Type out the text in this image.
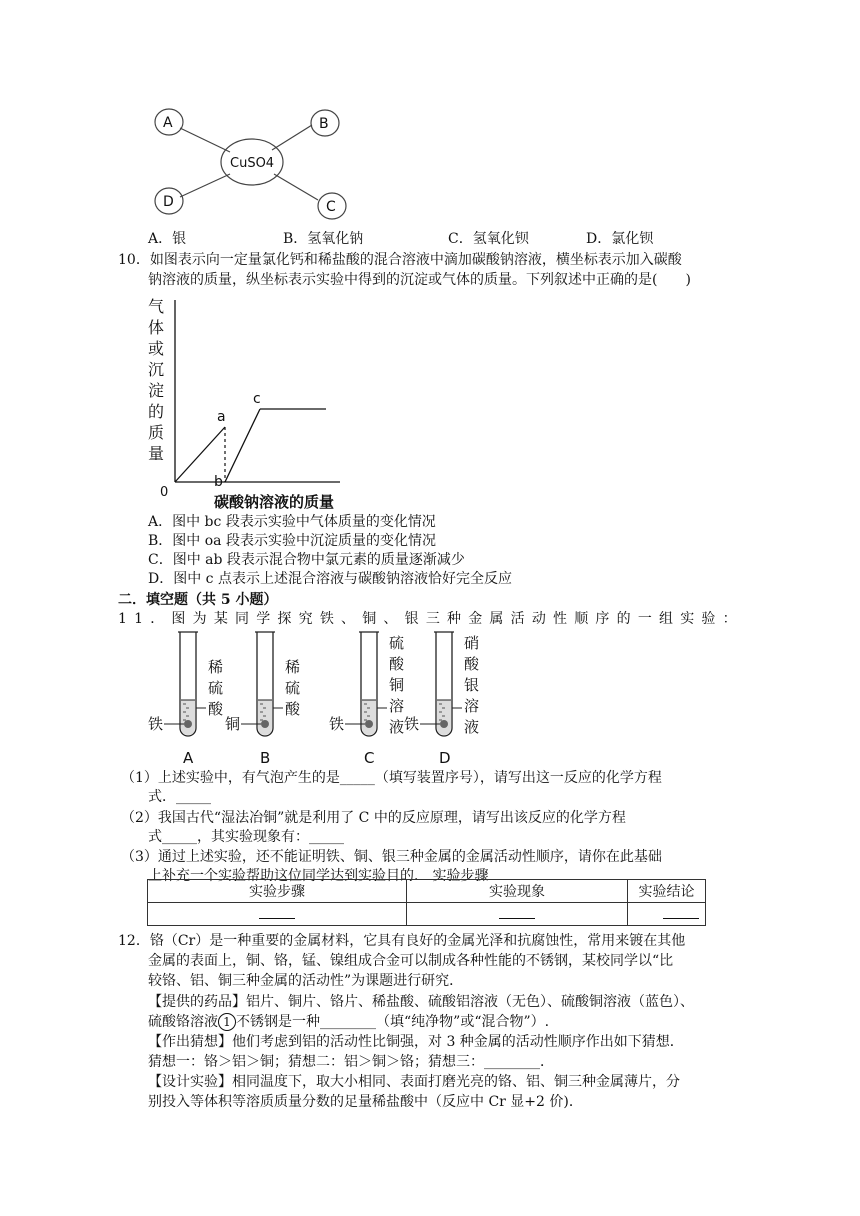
A	B
D	C
CuSO4
A．银	B．氢氧化钠	C．氢氧化钡	D．氯化钡
10．如图表示向一定量氯化钙和稀盐酸的混合溶液中滴加碳酸钠溶液，横坐标表示加入碳酸
钠溶液的质量，纵坐标表示实验中得到的沉淀或气体的质量。下列叙述中正确的是(　　)
气
体
或
沉
淀
的
质
量
0
a
b
c
碳酸钠溶液的质量
A．图中 bc 段表示实验中气体质量的变化情况
B．图中 oa 段表示实验中沉淀质量的变化情况
C．图中 ab 段表示混合物中氯元素的质量逐渐减少
D．图中 c 点表示上述混合溶液与碳酸钠溶液恰好完全反应
二．填空题（共 5 小题）
11．图为某同学探究铁、铜、银三种金属活动性顺序的一组实验：
铁
稀
硫
酸
A
铜
稀
硫
酸
B
铁
硫
酸
铜
溶
液
C
铁
硝
酸
银
溶
液
D
（1）上述实验中，有气泡产生的是_____（填写装置序号），请写出这一反应的化学方程
式．_____
（2）我国古代“湿法冶铜”就是利用了 C 中的反应原理，请写出该反应的化学方程
式_____，其实验现象有：_____
（3）通过上述实验，还不能证明铁、铜、银三种金属的金属活动性顺序，请你在此基础
上补充一个实验帮助这位同学达到实验目的． 实验步骤
实验步骤	实验现象	实验结论

12．铬（Cr）是一种重要的金属材料，它具有良好的金属光泽和抗腐蚀性，常用来镀在其他
金属的表面上，铜、铬，锰、镍组成合金可以制成各种性能的不锈钢，某校同学以“比
较铬、铝、铜三种金属的活动性”为课题进行研究．
【提供的药品】铝片、铜片、铬片、稀盐酸、硫酸铝溶液（无色）、硫酸铜溶液（蓝色）、
硫酸铬溶液 1 不锈钢是一种________（填“纯净物”或“混合物”）.
【作出猜想】他们考虑到铝的活动性比铜强，对 3 种金属的活动性顺序作出如下猜想．
猜想一：铬＞铝＞铜；猜想二：铝＞铜＞铬；猜想三：________．
【设计实验】相同温度下，取大小相同、表面打磨光亮的铬、铝、铜三种金属薄片，分
别投入等体积等溶质质量分数的足量稀盐酸中（反应中 Cr 显+2 价)．
